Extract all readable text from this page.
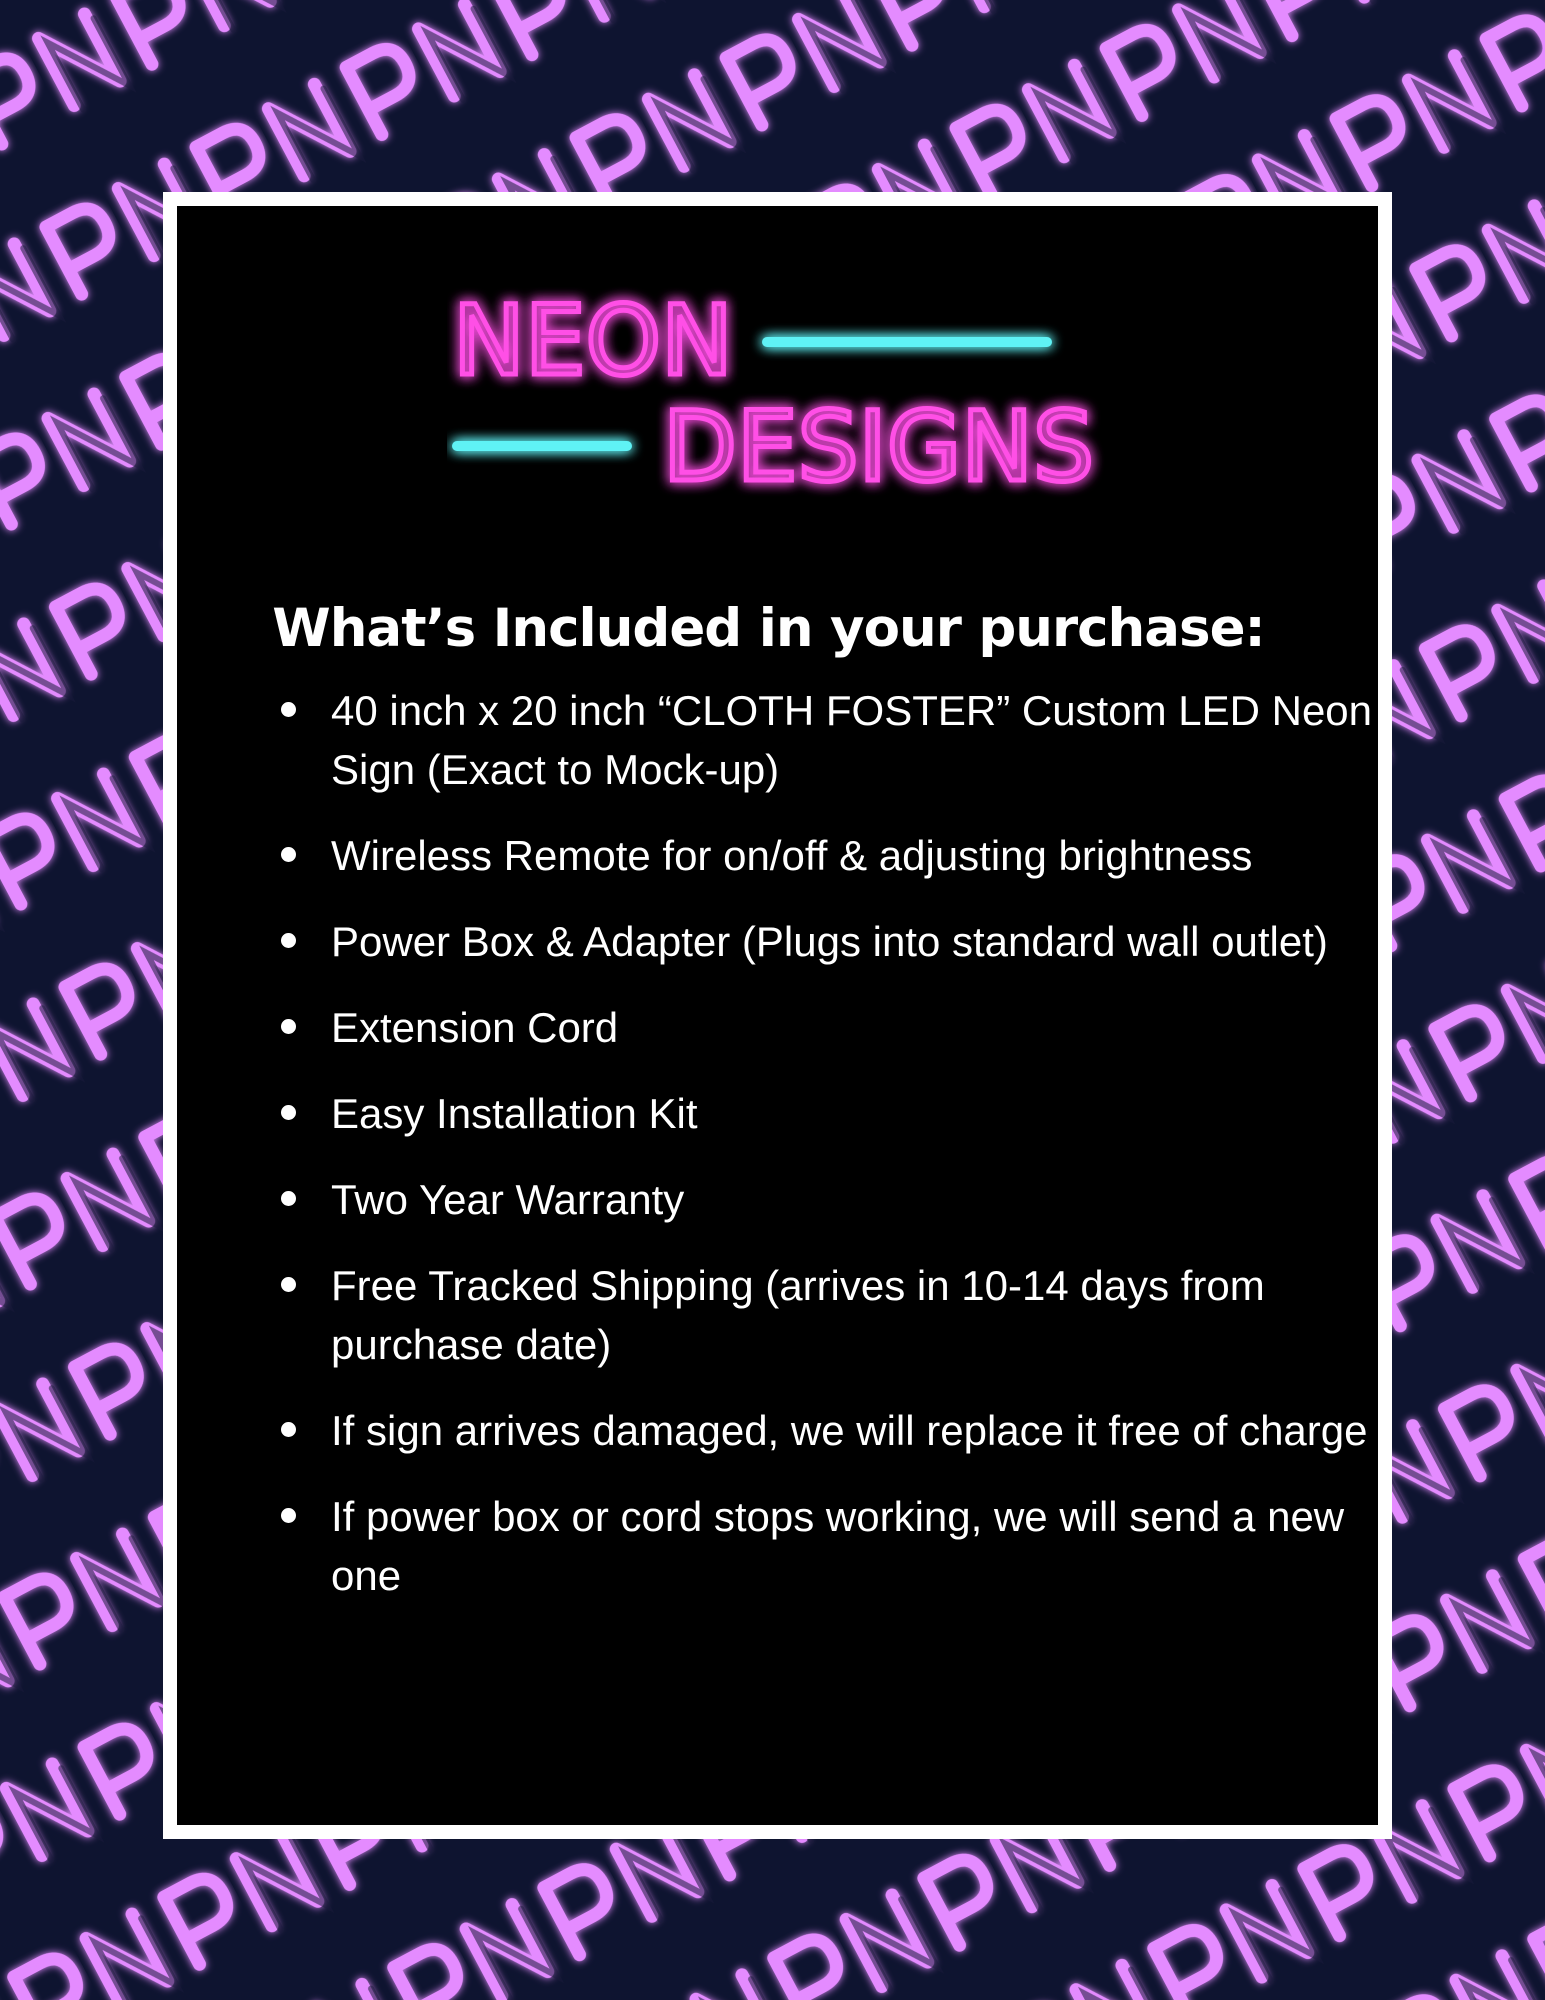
NEON
DESIGNS
What’s Included in your purchase:
40 inch x 20 inch “CLOTH FOSTER” Custom LED Neon Sign (Exact to Mock-up)
Wireless Remote for on/off & adjusting brightness
Power Box & Adapter (Plugs into standard wall outlet)
Extension Cord
Easy Installation Kit
Two Year Warranty
Free Tracked Shipping (arrives in 10-14 days from purchase date)
If sign arrives damaged, we will replace it free of charge
If power box or cord stops working, we will send a new one
